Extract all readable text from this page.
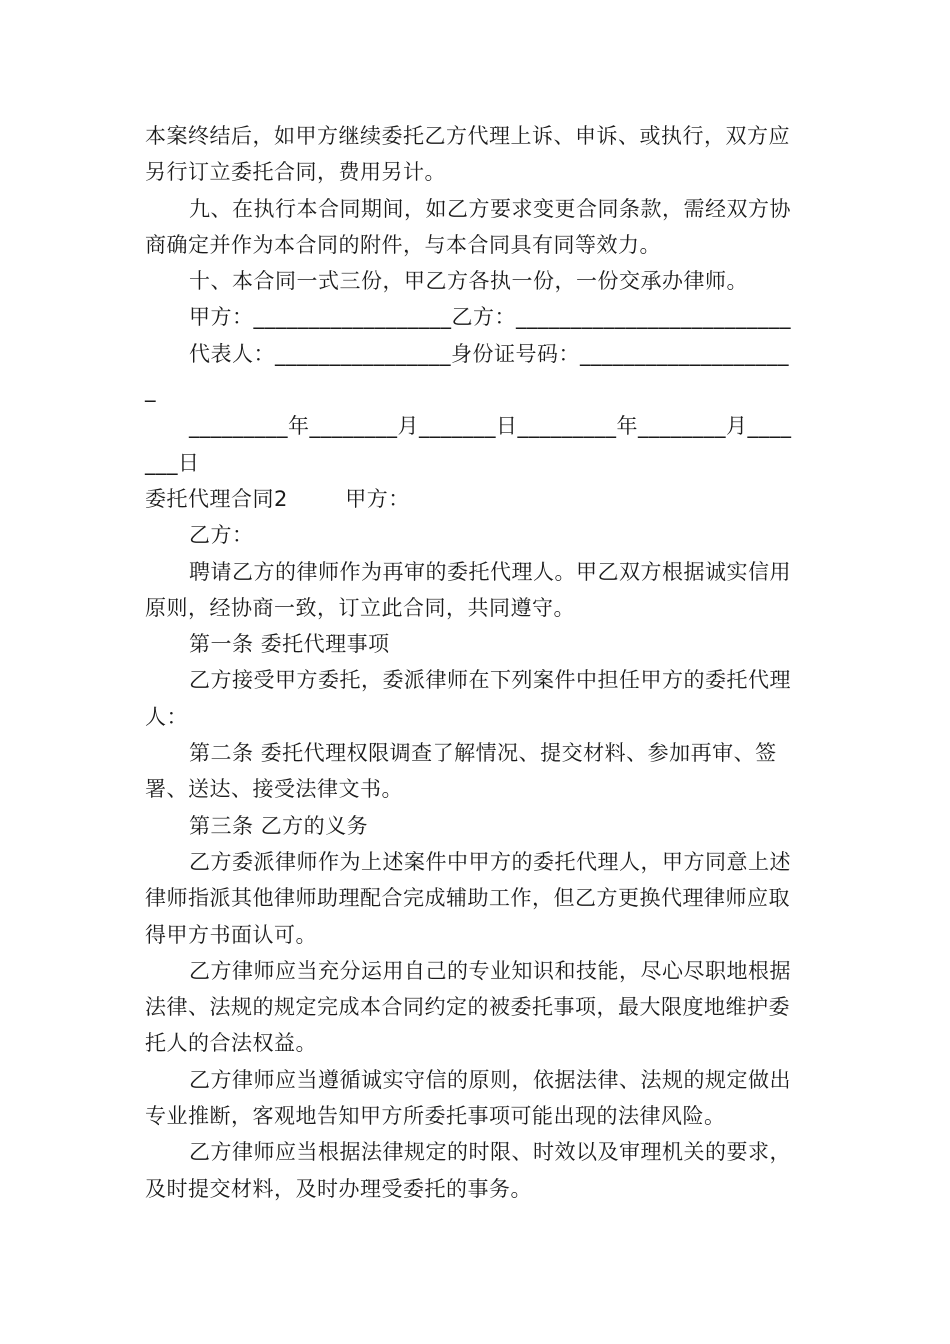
本案终结后，如甲方继续委托乙方代理上诉、申诉、或执行，双方应另行订立委托合同，费用另计。

九、在执行本合同期间，如乙方要求变更合同条款，需经双方协商确定并作为本合同的附件，与本合同具有同等效力。

十、本合同一式三份，甲乙方各执一份，一份交承办律师。

甲方：__________________乙方：_________________________

代表人：________________身份证号码：___________________

_

_________年________月_______日_________年________月____

___日

委托代理合同2        甲方：

乙方：

聘请乙方的律师作为再审的委托代理人。甲乙双方根据诚实信用原则，经协商一致，订立此合同，共同遵守。

第一条 委托代理事项

乙方接受甲方委托，委派律师在下列案件中担任甲方的委托代理人：

第二条 委托代理权限调查了解情况、提交材料、参加再审、签署、送达、接受法律文书。

第三条 乙方的义务

乙方委派律师作为上述案件中甲方的委托代理人，甲方同意上述律师指派其他律师助理配合完成辅助工作，但乙方更换代理律师应取得甲方书面认可。

乙方律师应当充分运用自己的专业知识和技能，尽心尽职地根据法律、法规的规定完成本合同约定的被委托事项，最大限度地维护委托人的合法权益。

乙方律师应当遵循诚实守信的原则，依据法律、法规的规定做出专业推断，客观地告知甲方所委托事项可能出现的法律风险。

乙方律师应当根据法律规定的时限、时效以及审理机关的要求，及时提交材料，及时办理受委托的事务。
